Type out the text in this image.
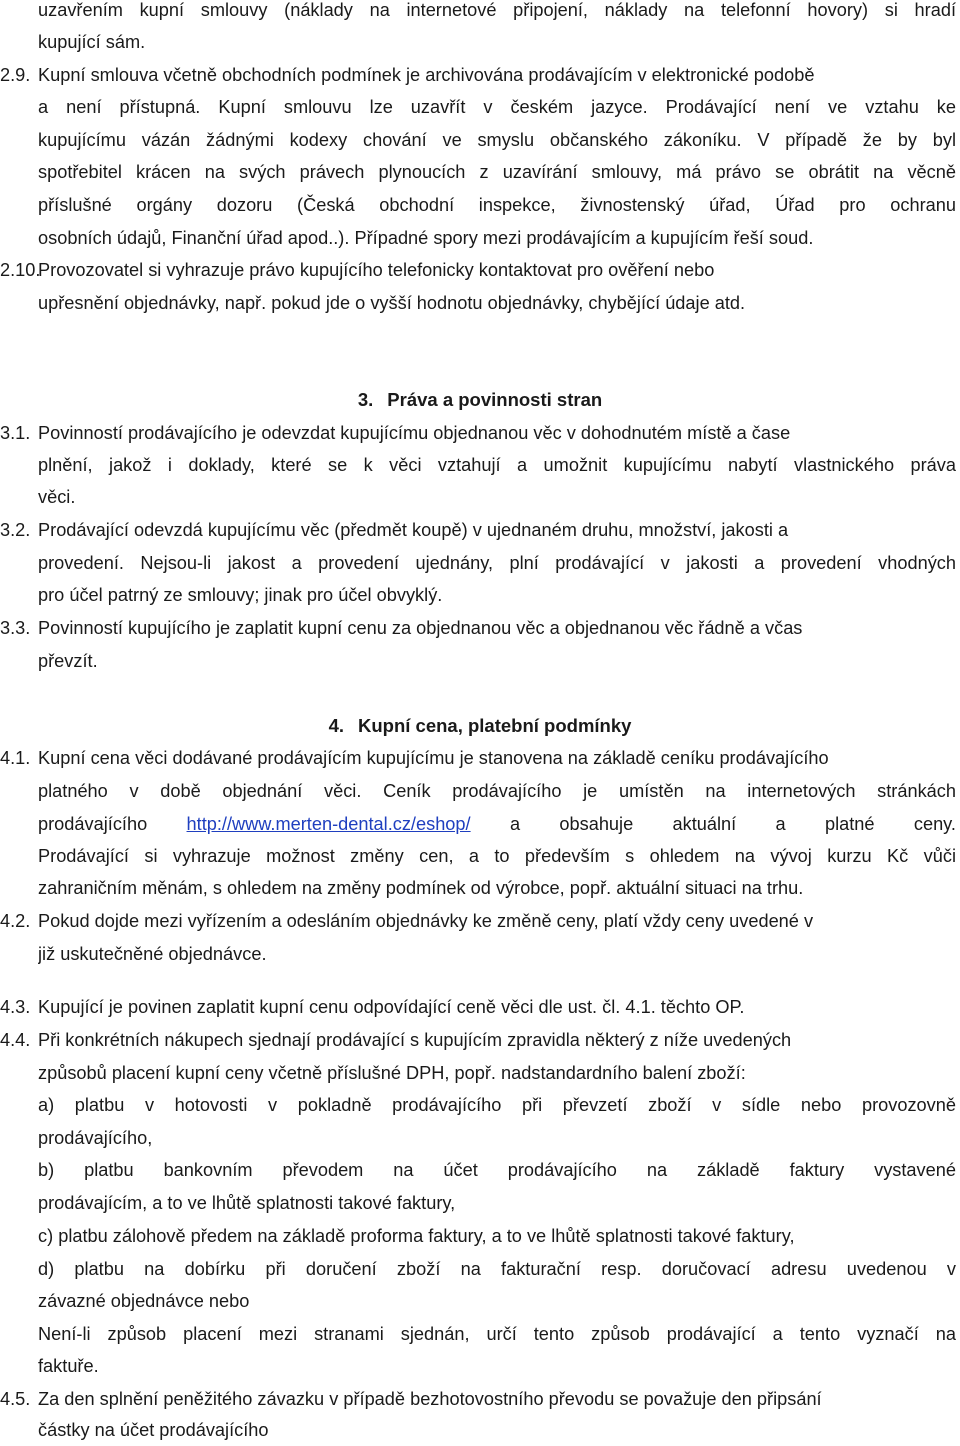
uzavřením kupní smlouvy (náklady na internetové připojení, náklady na telefonní hovory) si hradí
kupující sám.
2.9. Kupní smlouva včetně obchodních podmínek je archivována prodávajícím v elektronické podobě
a není přístupná. Kupní smlouvu lze uzavřít v českém jazyce. Prodávající není ve vztahu ke
kupujícímu vázán žádnými kodexy chování ve smyslu občanského zákoníku. V případě že by byl
spotřebitel krácen na svých právech plynoucích z uzavírání smlouvy, má právo se obrátit na věcně
příslušné orgány dozoru (Česká obchodní inspekce, živnostenský úřad, Úřad pro ochranu
osobních údajů, Finanční úřad apod..). Případné spory mezi prodávajícím a kupujícím řeší soud.
2.10.Provozovatel si vyhrazuje právo kupujícího telefonicky kontaktovat pro ověření nebo
upřesnění objednávky, např. pokud jde o vyšší hodnotu objednávky, chybějící údaje atd.
3. Práva a povinnosti stran
3.1. Povinností prodávajícího je odevzdat kupujícímu objednanou věc v dohodnutém místě a čase
plnění, jakož i doklady, které se k věci vztahují a umožnit kupujícímu nabytí vlastnického práva
věci.
3.2. Prodávající odevzdá kupujícímu věc (předmět koupě) v ujednaném druhu, množství, jakosti a
provedení. Nejsou-li jakost a provedení ujednány, plní prodávající v jakosti a provedení vhodných
pro účel patrný ze smlouvy; jinak pro účel obvyklý.
3.3. Povinností kupujícího je zaplatit kupní cenu za objednanou věc a objednanou věc řádně a včas
převzít.
4. Kupní cena, platební podmínky
4.1. Kupní cena věci dodávané prodávajícím kupujícímu je stanovena na základě ceníku prodávajícího
platného v době objednání věci. Ceník prodávajícího je umístěn na internetových stránkách
prodávajícího http://www.merten-dental.cz/eshop/ a obsahuje aktuální a platné ceny.
Prodávající si vyhrazuje možnost změny cen, a to především s ohledem na vývoj kurzu Kč vůči
zahraničním měnám, s ohledem na změny podmínek od výrobce, popř. aktuální situaci na trhu.
4.2. Pokud dojde mezi vyřízením a odesláním objednávky ke změně ceny, platí vždy ceny uvedené v
již uskutečněné objednávce.
4.3. Kupující je povinen zaplatit kupní cenu odpovídající ceně věci dle ust. čl. 4.1. těchto OP.
4.4. Při konkrétních nákupech sjednají prodávající s kupujícím zpravidla některý z níže uvedených
způsobů placení kupní ceny včetně příslušné DPH, popř. nadstandardního balení zboží:
a) platbu v hotovosti v pokladně prodávajícího při převzetí zboží v sídle nebo provozovně
prodávajícího,
b) platbu bankovním převodem na účet prodávajícího na základě faktury vystavené
prodávajícím, a to ve lhůtě splatnosti takové faktury,
c) platbu zálohově předem na základě proforma faktury, a to ve lhůtě splatnosti takové faktury,
d) platbu na dobírku při doručení zboží na fakturační resp. doručovací adresu uvedenou v
závazné objednávce nebo
Není-li způsob placení mezi stranami sjednán, určí tento způsob prodávající a tento vyznačí na
faktuře.
4.5. Za den splnění peněžitého závazku v případě bezhotovostního převodu se považuje den připsání
částky na účet prodávajícího
